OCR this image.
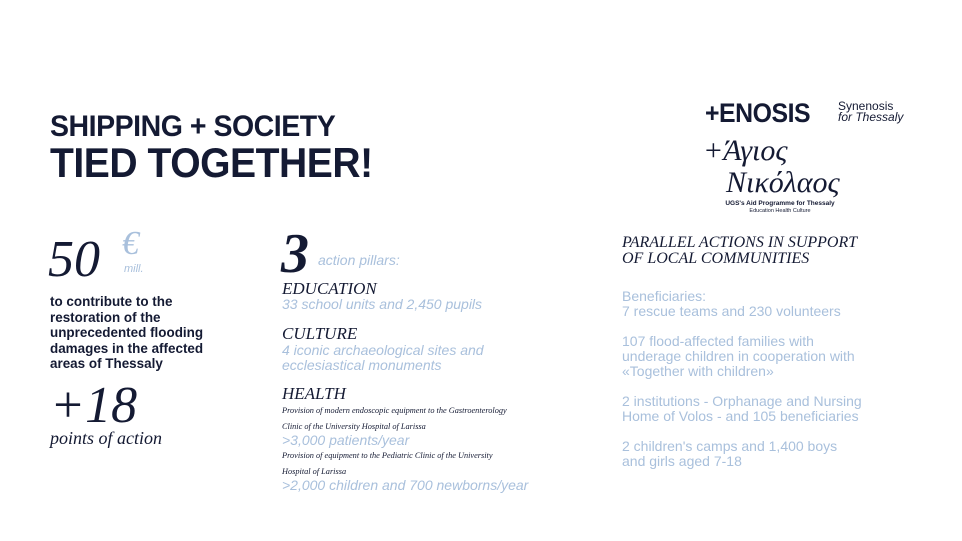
SHIPPING + SOCIETY
TIED TOGETHER!
50 €
mill.
to contribute to the
restoration of the
unprecedented flooding
damages in the affected
areas of Thessaly
+18
points of action
3 action pillars:
EDUCATION
33 school units and 2,450 pupils
CULTURE
4 iconic archaeological sites and
ecclesiastical monuments
HEALTH
Provision of modern endoscopic equipment to the Gastroenterology
Clinic of the University Hospital of Larissa
>3,000 patients/year
Provision of equipment to the Pediatric Clinic of the University
Hospital of Larissa
>2,000 children and 700 newborns/year
+ENOSIS Synenosis
for Thessaly
+Άγιος
Νικόλαος
UGS's Aid Programme for Thessaly
Education Health Culture
PARALLEL ACTIONS IN SUPPORT
OF LOCAL COMMUNITIES
Beneficiaries:
7 rescue teams and 230 volunteers
107 flood-affected families with
underage children in cooperation with
«Together with children»
2 institutions - Orphanage and Nursing
Home of Volos - and 105 beneficiaries
2 children's camps and 1,400 boys
and girls aged 7-18
